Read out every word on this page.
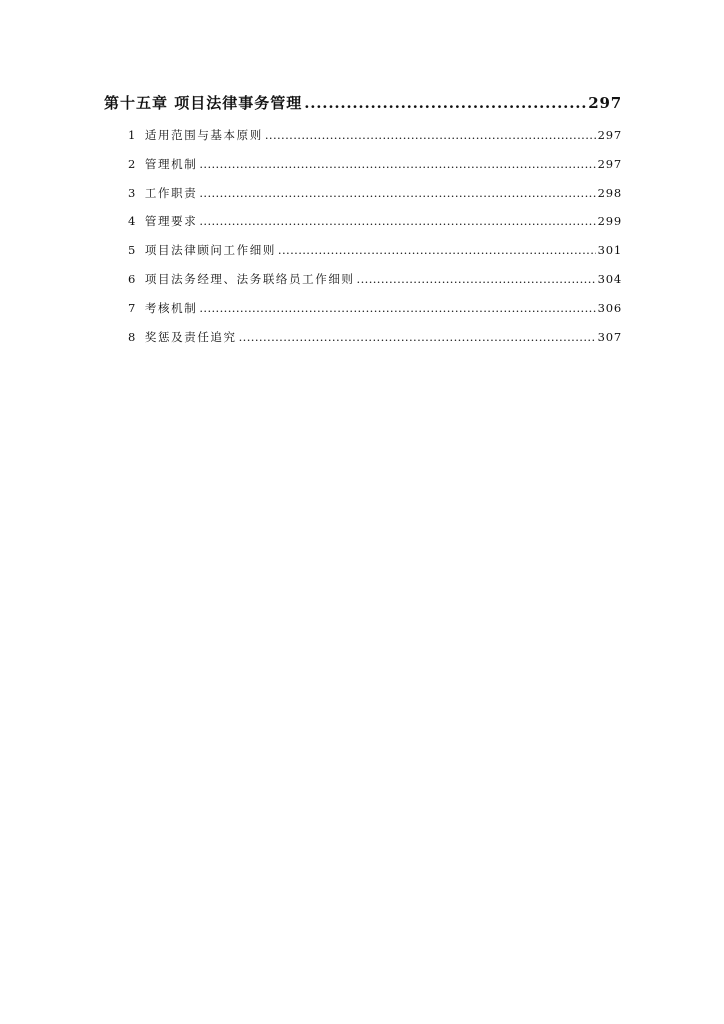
第十五章 项目法律事务管理 .....	297
1 适用范围与基本原则 .....	297
2 管理机制 .....	297
3 工作职责 .....	298
4 管理要求 .....	299
5 项目法律顾问工作细则 .....	301
6 项目法务经理、法务联络员工作细则 .....	304
7 考核机制 .....	306
8 奖惩及责任追究 .....	307
